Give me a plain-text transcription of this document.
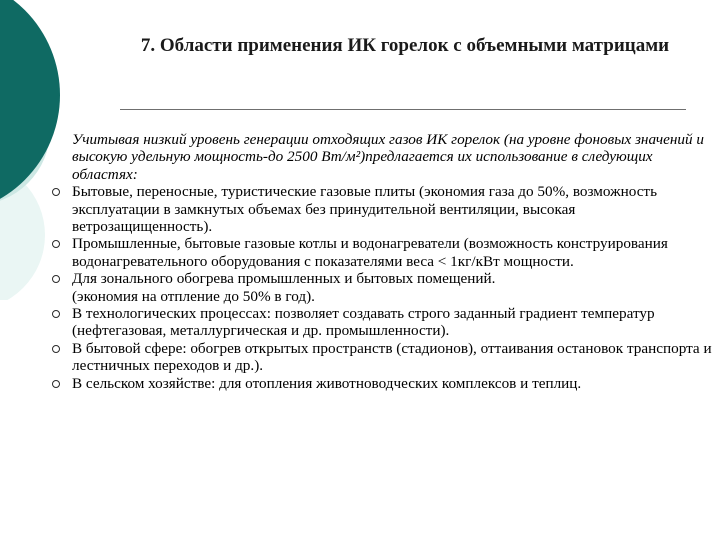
7. Области применения ИК горелок с объемными матрицами
Учитывая низкий уровень генерации отходящих газов ИК горелок (на уровне фоновых значений и высокую удельную мощность-до 2500 Вт/м²)предлагается их использование в следующих областях:
Бытовые, переносные, туристические газовые плиты (экономия газа до 50%, возможность эксплуатации в замкнутых объемах без принудительной вентиляции, высокая ветрозащищенность).
Промышленные, бытовые газовые котлы и водонагреватели (возможность конструирования водонагревательного оборудования с показателями веса < 1кг/кВт мощности.
Для зонального обогрева промышленных и бытовых помещений.
(экономия на отпление до 50% в год).
В технологических процессах: позволяет создавать строго заданный градиент температур (нефтегазовая, металлургическая и др. промышленности).
В бытовой сфере: обогрев открытых пространств (стадионов), оттаивания остановок транспорта и лестничных переходов и др.).
В сельском хозяйстве: для отопления животноводческих комплексов и теплиц.
